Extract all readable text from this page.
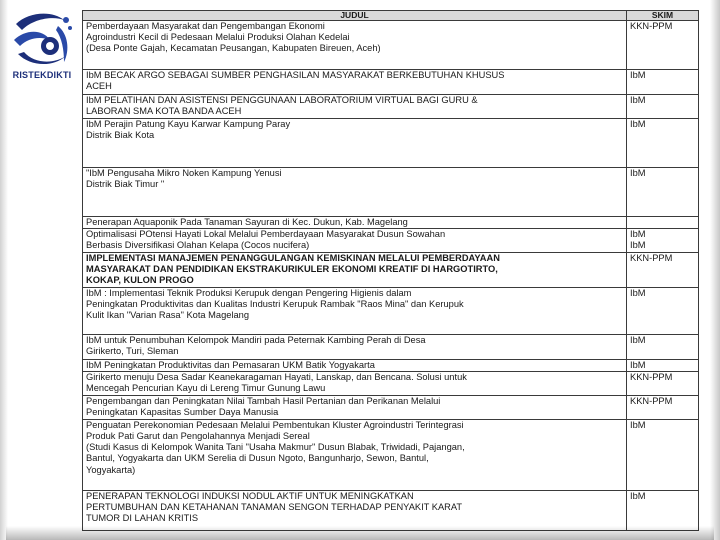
RISTEKDIKTI
JUDUL	SKIM

Pemberdayaan Masyarakat dan Pengembangan Ekonomi
Agroindustri Kecil di Pedesaan Melalui Produksi Olahan Kedelai
(Desa Ponte Gajah, Kecamatan Peusangan, Kabupaten Bireuen, Aceh)	KKN-PPM

IbM BECAK ARGO SEBAGAI SUMBER PENGHASILAN MASYARAKAT BERKEBUTUHAN KHUSUS
ACEH	IbM

IbM PELATIHAN DAN ASISTENSI PENGGUNAAN LABORATORIUM VIRTUAL BAGI GURU &
LABORAN SMA KOTA BANDA ACEH	IbM

IbM Perajin Patung Kayu Karwar Kampung Paray
Distrik Biak Kota	IbM

"IbM Pengusaha Mikro Noken Kampung Yenusi
Distrik Biak Timur "	IbM

Penerapan Aquaponik Pada Tanaman Sayuran di Kec. Dukun, Kab. Magelang	

Optimalisasi POtensi Hayati Lokal Melalui Pemberdayaan Masyarakat Dusun Sowahan
Berbasis Diversifikasi Olahan Kelapa (Cocos nucifera)	IbM
IbM

IMPLEMENTASI MANAJEMEN PENANGGULANGAN KEMISKINAN MELALUI PEMBERDAYAAN
MASYARAKAT DAN PENDIDIKAN EKSTRAKURIKULER EKONOMI KREATIF DI HARGOTIRTO,
KOKAP, KULON PROGO	KKN-PPM

IbM : Implementasi Teknik Produksi Kerupuk dengan Pengering Higienis dalam
Peningkatan Produktivitas dan Kualitas Industri Kerupuk Rambak "Raos Mina" dan Kerupuk
Kulit Ikan "Varian Rasa" Kota Magelang	IbM

IbM untuk Penumbuhan Kelompok Mandiri pada Peternak Kambing Perah di Desa
Girikerto, Turi, Sleman	IbM

IbM Peningkatan Produktivitas dan Pemasaran UKM Batik Yogyakarta	IbM

Girikerto menuju Desa Sadar Keanekaragaman Hayati, Lanskap, dan Bencana. Solusi untuk
Mencegah Pencurian Kayu di Lereng Timur Gunung Lawu	KKN-PPM

Pengembangan dan Peningkatan Nilai Tambah Hasil Pertanian dan Perikanan Melalui
Peningkatan Kapasitas Sumber Daya Manusia	KKN-PPM

Penguatan Perekonomian Pedesaan Melalui Pembentukan Kluster Agroindustri Terintegrasi
Produk Pati Garut dan Pengolahannya Menjadi Sereal
(Studi Kasus di Kelompok Wanita Tani "Usaha Makmur" Dusun Blabak, Triwidadi, Pajangan,
Bantul, Yogyakarta dan UKM Serelia di Dusun Ngoto, Bangunharjo, Sewon, Bantul,
Yogyakarta)	IbM

PENERAPAN TEKNOLOGI INDUKSI NODUL AKTIF UNTUK MENINGKATKAN
PERTUMBUHAN DAN KETAHANAN TANAMAN SENGON TERHADAP PENYAKIT KARAT
TUMOR DI LAHAN KRITIS	IbM
